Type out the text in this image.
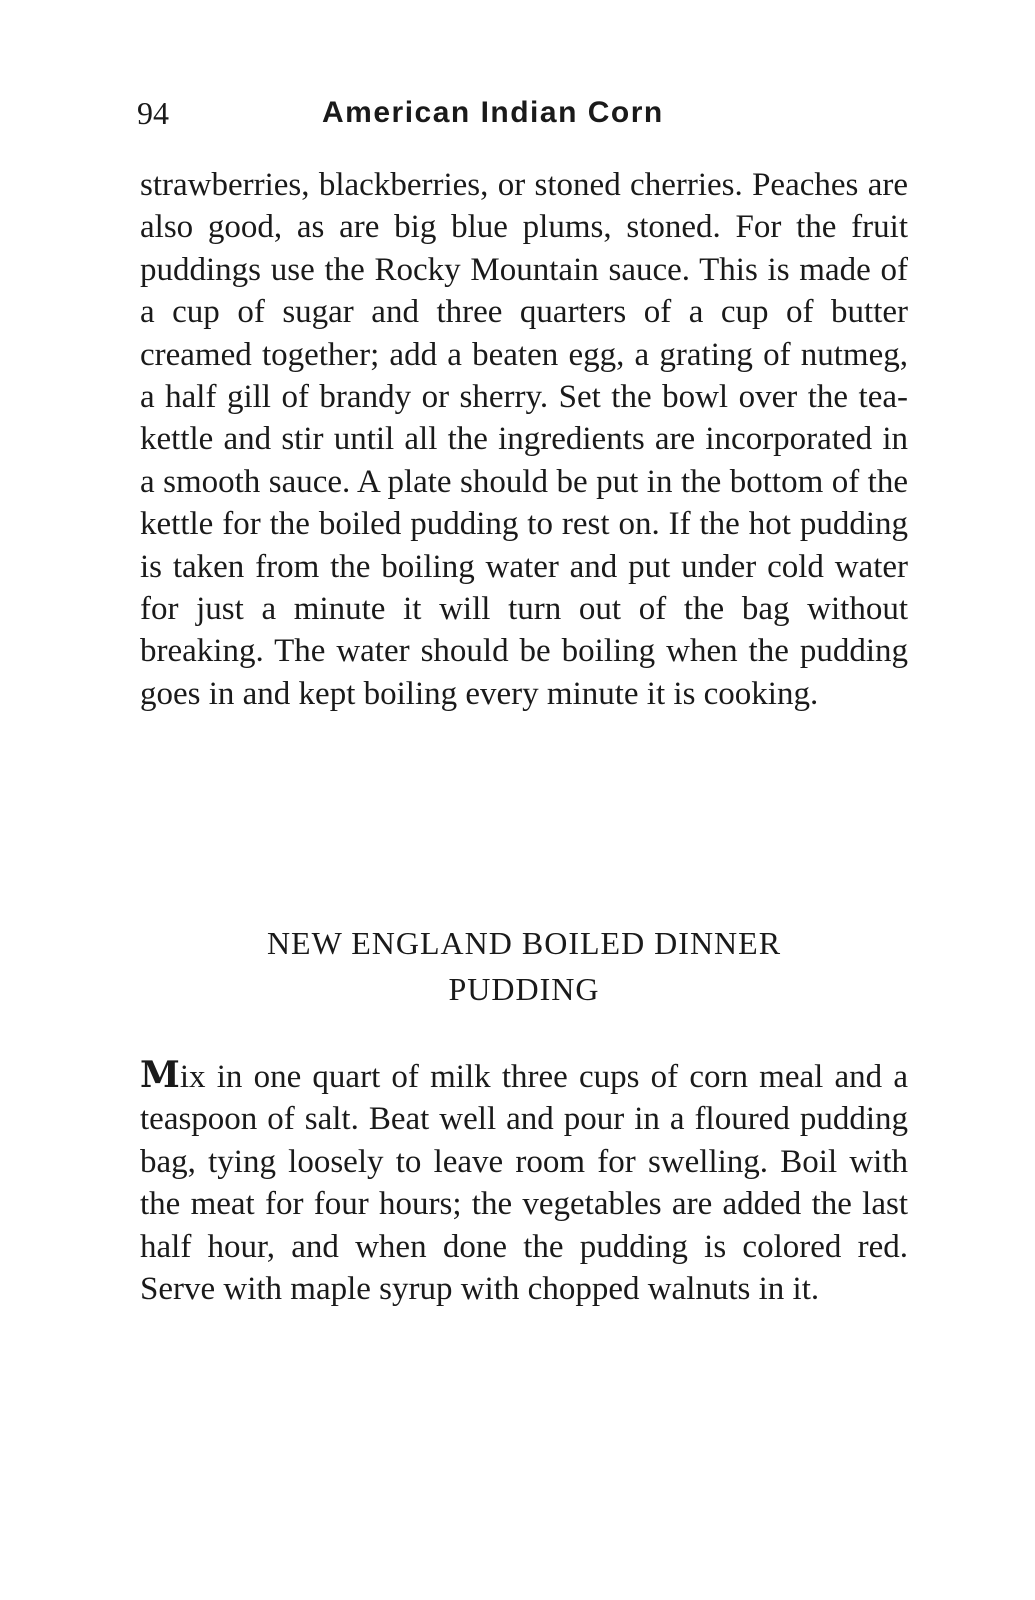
94	American Indian Corn

strawberries, blackberries, or stoned cherries. Peaches are also good, as are big blue plums, stoned. For the fruit puddings use the Rocky Mountain sauce. This is made of a cup of sugar and three quarters of a cup of butter creamed together; add a beaten egg, a grating of nutmeg, a half gill of brandy or sherry. Set the bowl over the tea-kettle and stir until all the ingredients are incorporated in a smooth sauce. A plate should be put in the bottom of the kettle for the boiled pudding to rest on. If the hot pudding is taken from the boiling water and put under cold water for just a minute it will turn out of the bag without breaking. The water should be boiling when the pudding goes in and kept boiling every minute it is cooking.

NEW ENGLAND BOILED DINNER
PUDDING

Mix in one quart of milk three cups of corn meal and a teaspoon of salt. Beat well and pour in a floured pudding bag, tying loosely to leave room for swelling. Boil with the meat for four hours; the vegetables are added the last half hour, and when done the pudding is colored red. Serve with maple syrup with chopped walnuts in it.
